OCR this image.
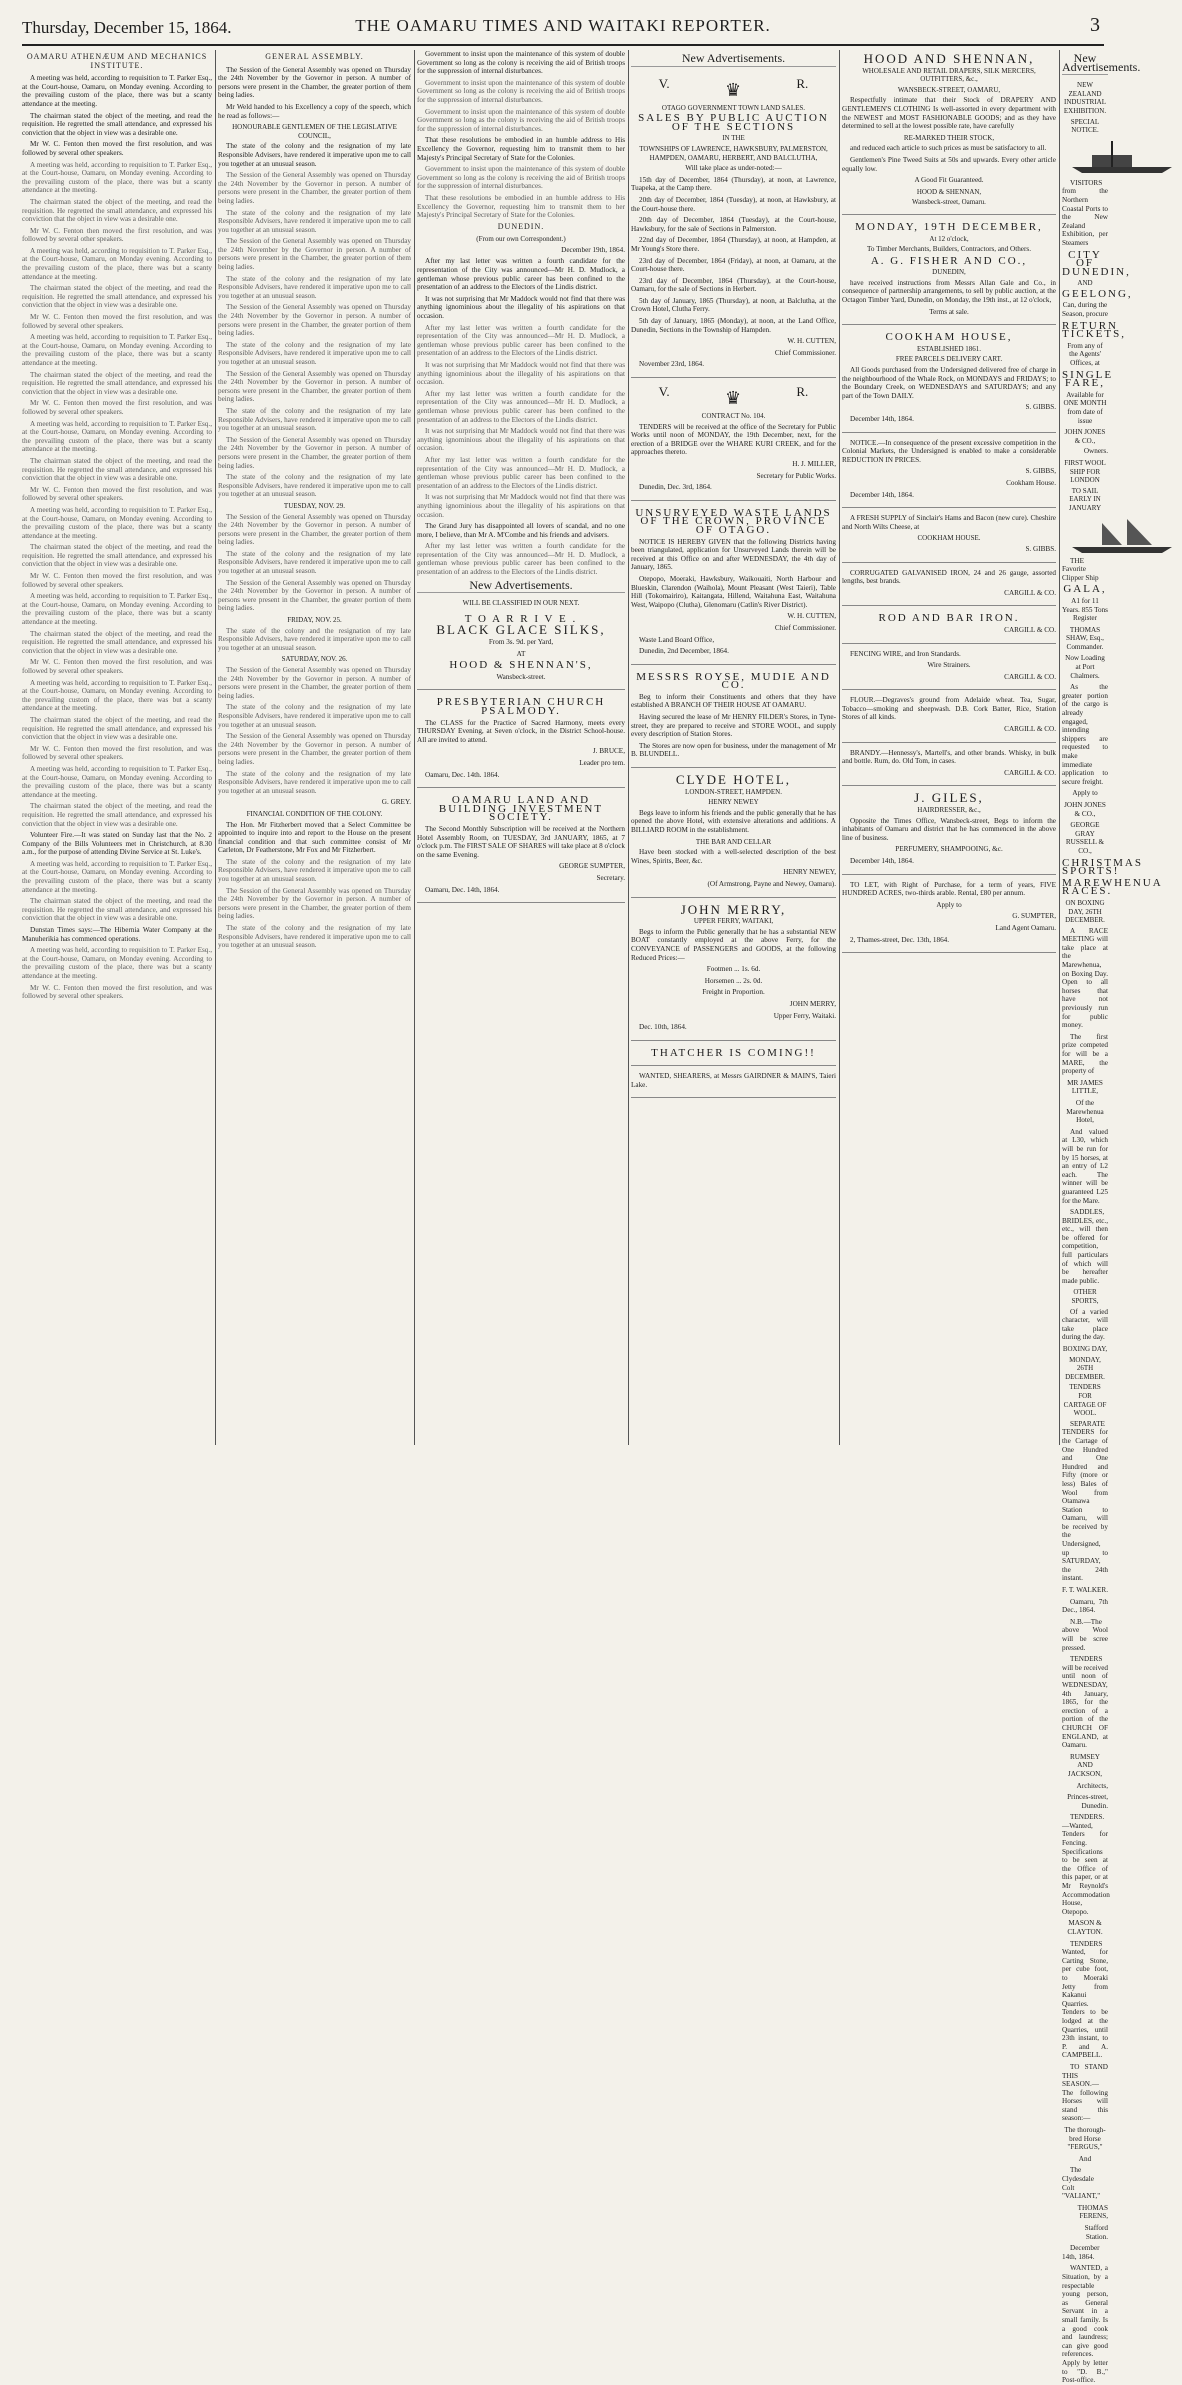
Thursday, December 15, 1864.	THE OAMARU TIMES AND WAITAKI REPORTER.	3
OAMARU ATHENÆUM AND MECHANICS INSTITUTE.

A meeting was held, according to requisition to T. Parker Esq., at the Court-house, Oamaru, on Monday evening. According to the prevailing custom of the place, there was but a scanty attendance at the meeting.

The chairman stated the object of the meeting, and read the requisition. He regretted the small attendance, and expressed his conviction that the object in view was a desirable one.

Mr W. C. Fenton then moved the first resolution, and was followed by several other speakers.

A meeting was held, according to requisition to T. Parker Esq., at the Court-house, Oamaru, on Monday evening. According to the prevailing custom of the place, there was but a scanty attendance at the meeting.

The chairman stated the object of the meeting, and read the requisition. He regretted the small attendance, and expressed his conviction that the object in view was a desirable one.

Mr W. C. Fenton then moved the first resolution, and was followed by several other speakers.

A meeting was held, according to requisition to T. Parker Esq., at the Court-house, Oamaru, on Monday evening. According to the prevailing custom of the place, there was but a scanty attendance at the meeting.

The chairman stated the object of the meeting, and read the requisition. He regretted the small attendance, and expressed his conviction that the object in view was a desirable one.

Mr W. C. Fenton then moved the first resolution, and was followed by several other speakers.

A meeting was held, according to requisition to T. Parker Esq., at the Court-house, Oamaru, on Monday evening. According to the prevailing custom of the place, there was but a scanty attendance at the meeting.

The chairman stated the object of the meeting, and read the requisition. He regretted the small attendance, and expressed his conviction that the object in view was a desirable one.

Mr W. C. Fenton then moved the first resolution, and was followed by several other speakers.

A meeting was held, according to requisition to T. Parker Esq., at the Court-house, Oamaru, on Monday evening. According to the prevailing custom of the place, there was but a scanty attendance at the meeting.

The chairman stated the object of the meeting, and read the requisition. He regretted the small attendance, and expressed his conviction that the object in view was a desirable one.

Mr W. C. Fenton then moved the first resolution, and was followed by several other speakers.

A meeting was held, according to requisition to T. Parker Esq., at the Court-house, Oamaru, on Monday evening. According to the prevailing custom of the place, there was but a scanty attendance at the meeting.

The chairman stated the object of the meeting, and read the requisition. He regretted the small attendance, and expressed his conviction that the object in view was a desirable one.

Mr W. C. Fenton then moved the first resolution, and was followed by several other speakers.

A meeting was held, according to requisition to T. Parker Esq., at the Court-house, Oamaru, on Monday evening. According to the prevailing custom of the place, there was but a scanty attendance at the meeting.

The chairman stated the object of the meeting, and read the requisition. He regretted the small attendance, and expressed his conviction that the object in view was a desirable one.

Mr W. C. Fenton then moved the first resolution, and was followed by several other speakers.

A meeting was held, according to requisition to T. Parker Esq., at the Court-house, Oamaru, on Monday evening. According to the prevailing custom of the place, there was but a scanty attendance at the meeting.

The chairman stated the object of the meeting, and read the requisition. He regretted the small attendance, and expressed his conviction that the object in view was a desirable one.

Mr W. C. Fenton then moved the first resolution, and was followed by several other speakers.

A meeting was held, according to requisition to T. Parker Esq., at the Court-house, Oamaru, on Monday evening. According to the prevailing custom of the place, there was but a scanty attendance at the meeting.

The chairman stated the object of the meeting, and read the requisition. He regretted the small attendance, and expressed his conviction that the object in view was a desirable one.

Volunteer Fire.—It was stated on Sunday last that the No. 2 Company of the Bills Volunteers met in Christchurch, at 8.30 a.m., for the purpose of attending Divine Service at St. Luke's.

A meeting was held, according to requisition to T. Parker Esq., at the Court-house, Oamaru, on Monday evening. According to the prevailing custom of the place, there was but a scanty attendance at the meeting.

The chairman stated the object of the meeting, and read the requisition. He regretted the small attendance, and expressed his conviction that the object in view was a desirable one.

Dunstan Times says:—The Hibernia Water Company at the Manuherikia has commenced operations.

A meeting was held, according to requisition to T. Parker Esq., at the Court-house, Oamaru, on Monday evening. According to the prevailing custom of the place, there was but a scanty attendance at the meeting.

Mr W. C. Fenton then moved the first resolution, and was followed by several other speakers.

GENERAL ASSEMBLY.

The Session of the General Assembly was opened on Thursday the 24th November by the Governor in person. A number of persons were present in the Chamber, the greater portion of them being ladies.

Mr Weld handed to his Excellency a copy of the speech, which he read as follows:—

HONOURABLE GENTLEMEN OF THE LEGISLATIVE COUNCIL,

The state of the colony and the resignation of my late Responsible Advisers, have rendered it imperative upon me to call you together at an unusual season.

The Session of the General Assembly was opened on Thursday the 24th November by the Governor in person. A number of persons were present in the Chamber, the greater portion of them being ladies.

The state of the colony and the resignation of my late Responsible Advisers, have rendered it imperative upon me to call you together at an unusual season.

The Session of the General Assembly was opened on Thursday the 24th November by the Governor in person. A number of persons were present in the Chamber, the greater portion of them being ladies.

The state of the colony and the resignation of my late Responsible Advisers, have rendered it imperative upon me to call you together at an unusual season.

The Session of the General Assembly was opened on Thursday the 24th November by the Governor in person. A number of persons were present in the Chamber, the greater portion of them being ladies.

The state of the colony and the resignation of my late Responsible Advisers, have rendered it imperative upon me to call you together at an unusual season.

The Session of the General Assembly was opened on Thursday the 24th November by the Governor in person. A number of persons were present in the Chamber, the greater portion of them being ladies.

The state of the colony and the resignation of my late Responsible Advisers, have rendered it imperative upon me to call you together at an unusual season.

The Session of the General Assembly was opened on Thursday the 24th November by the Governor in person. A number of persons were present in the Chamber, the greater portion of them being ladies.

The state of the colony and the resignation of my late Responsible Advisers, have rendered it imperative upon me to call you together at an unusual season.

TUESDAY, NOV. 29.

The Session of the General Assembly was opened on Thursday the 24th November by the Governor in person. A number of persons were present in the Chamber, the greater portion of them being ladies.

The state of the colony and the resignation of my late Responsible Advisers, have rendered it imperative upon me to call you together at an unusual season.

The Session of the General Assembly was opened on Thursday the 24th November by the Governor in person. A number of persons were present in the Chamber, the greater portion of them being ladies.

FRIDAY, NOV. 25.

The state of the colony and the resignation of my late Responsible Advisers, have rendered it imperative upon me to call you together at an unusual season.

SATURDAY, NOV. 26.

The Session of the General Assembly was opened on Thursday the 24th November by the Governor in person. A number of persons were present in the Chamber, the greater portion of them being ladies.

The state of the colony and the resignation of my late Responsible Advisers, have rendered it imperative upon me to call you together at an unusual season.

The Session of the General Assembly was opened on Thursday the 24th November by the Governor in person. A number of persons were present in the Chamber, the greater portion of them being ladies.

The state of the colony and the resignation of my late Responsible Advisers, have rendered it imperative upon me to call you together at an unusual season.

G. GREY.

FINANCIAL CONDITION OF THE COLONY.

The Hon. Mr Fitzherbert moved that a Select Committee be appointed to inquire into and report to the House on the present financial condition and that such committee consist of Mr Carleton, Dr Featherstone, Mr Fox and Mr Fitzherbert.

The state of the colony and the resignation of my late Responsible Advisers, have rendered it imperative upon me to call you together at an unusual season.

The Session of the General Assembly was opened on Thursday the 24th November by the Governor in person. A number of persons were present in the Chamber, the greater portion of them being ladies.

The state of the colony and the resignation of my late Responsible Advisers, have rendered it imperative upon me to call you together at an unusual season.

Government to insist upon the maintenance of this system of double Government so long as the colony is receiving the aid of British troops for the suppression of internal disturbances.

Government to insist upon the maintenance of this system of double Government so long as the colony is receiving the aid of British troops for the suppression of internal disturbances.

Government to insist upon the maintenance of this system of double Government so long as the colony is receiving the aid of British troops for the suppression of internal disturbances.

That these resolutions be embodied in an humble address to His Excellency the Governor, requesting him to transmit them to her Majesty's Principal Secretary of State for the Colonies.

Government to insist upon the maintenance of this system of double Government so long as the colony is receiving the aid of British troops for the suppression of internal disturbances.

That these resolutions be embodied in an humble address to His Excellency the Governor, requesting him to transmit them to her Majesty's Principal Secretary of State for the Colonies.

DUNEDIN.
(From our own Correspondent.)

December 19th, 1864.

After my last letter was written a fourth candidate for the representation of the City was announced—Mr H. D. Mudlock, a gentleman whose previous public career has been confined to the presentation of an address to the Electors of the Lindis district.

It was not surprising that Mr Maddock would not find that there was anything ignominious about the illegality of his aspirations on that occasion.

After my last letter was written a fourth candidate for the representation of the City was announced—Mr H. D. Mudlock, a gentleman whose previous public career has been confined to the presentation of an address to the Electors of the Lindis district.

It was not surprising that Mr Maddock would not find that there was anything ignominious about the illegality of his aspirations on that occasion.

After my last letter was written a fourth candidate for the representation of the City was announced—Mr H. D. Mudlock, a gentleman whose previous public career has been confined to the presentation of an address to the Electors of the Lindis district.

It was not surprising that Mr Maddock would not find that there was anything ignominious about the illegality of his aspirations on that occasion.

After my last letter was written a fourth candidate for the representation of the City was announced—Mr H. D. Mudlock, a gentleman whose previous public career has been confined to the presentation of an address to the Electors of the Lindis district.

It was not surprising that Mr Maddock would not find that there was anything ignominious about the illegality of his aspirations on that occasion.

The Grand Jury has disappointed all lovers of scandal, and no one more, I believe, than Mr A. M'Combe and his friends and advisers.

After my last letter was written a fourth candidate for the representation of the City was announced—Mr H. D. Mudlock, a gentleman whose previous public career has been confined to the presentation of an address to the Electors of the Lindis district.

New Advertisements.
WILL BE CLASSIFIED IN OUR NEXT.
T O A R R I V E .
BLACK GLACE SILKS,

From 3s. 9d. per Yard,

AT

HOOD & SHENNAN'S,

Wansbeck-street.

PRESBYTERIAN CHURCH PSALMODY.

The CLASS for the Practice of Sacred Harmony, meets every THURSDAY Evening, at Seven o'clock, in the District School-house. All are invited to attend.

J. BRUCE,

Leader pro tem.

Oamaru, Dec. 14th. 1864.

OAMARU LAND AND BUILDING INVESTMENT SOCIETY.

The Second Monthly Subscription will be received at the Northern Hotel Assembly Room, on TUESDAY, 3rd JANUARY, 1865, at 7 o'clock p.m. The FIRST SALE OF SHARES will take place at 8 o'clock on the same Evening.

GEORGE SUMPTER,

Secretary.

Oamaru, Dec. 14th, 1864.

New Advertisements.
V.	♛	R.
OTAGO GOVERNMENT TOWN LAND SALES.
SALES BY PUBLIC AUCTION OF THE SECTIONS
IN THE
TOWNSHIPS OF LAWRENCE, HAWKSBURY, PALMERSTON, HAMPDEN, OAMARU, HERBERT, AND BALCLUTHA,

Will take place as under-noted:—

15th day of December, 1864 (Thursday), at noon, at Lawrence, Tuapeka, at the Camp there.

20th day of December, 1864 (Tuesday), at noon, at Hawksbury, at the Court-house there.

20th day of December, 1864 (Tuesday), at the Court-house, Hawksbury, for the sale of Sections in Palmerston.

22nd day of December, 1864 (Thursday), at noon, at Hampden, at Mr Young's Store there.

23rd day of December, 1864 (Friday), at noon, at Oamaru, at the Court-house there.

23rd day of December, 1864 (Thursday), at the Court-house, Oamaru, for the sale of Sections in Herbert.

5th day of January, 1865 (Thursday), at noon, at Balclutha, at the Crown Hotel, Clutha Ferry.

5th day of January, 1865 (Monday), at noon, at the Land Office, Dunedin, Sections in the Township of Hampden.

W. H. CUTTEN,

Chief Commissioner.

November 23rd, 1864.

V.	♛	R.
CONTRACT No. 104.

TENDERS will be received at the office of the Secretary for Public Works until noon of MONDAY, the 19th December, next, for the erection of a BRIDGE over the WHARE KURI CREEK, and for the approaches thereto.

H. J. MILLER,

Secretary for Public Works.

Dunedin, Dec. 3rd, 1864.

UNSURVEYED WASTE LANDS OF THE CROWN, PROVINCE OF OTAGO.

NOTICE IS HEREBY GIVEN that the following Districts having been triangulated, application for Unsurveyed Lands therein will be received at this Office on and after WEDNESDAY, the 4th day of January, 1865.

Otepopo, Moeraki, Hawksbury, Waikouaiti, North Harbour and Blueskin, Clarendon (Waihola), Mount Pleasant (West Taieri), Table Hill (Tokomairiro), Kaitangata, Hillend, Waitahuna East, Waitahuna West, Waipopo (Clutha), Glenomaru (Catlin's River District).

W. H. CUTTEN,

Chief Commissioner.

Waste Land Board Office,

Dunedin, 2nd December, 1864.

MESSRS ROYSE, MUDIE AND CO.

Beg to inform their Constituents and others that they have established A BRANCH OF THEIR HOUSE AT OAMARU.

Having secured the lease of Mr HENRY FILDER's Stores, in Tyne-street, they are prepared to receive and STORE WOOL, and supply every description of Station Stores.

The Stores are now open for business, under the management of Mr B. BLUNDELL.

CLYDE HOTEL,
LONDON-STREET, HAMPDEN.
HENRY NEWEY

Begs leave to inform his friends and the public generally that he has opened the above Hotel, with extensive alterations and additions. A BILLIARD ROOM in the establishment.

THE BAR AND CELLAR

Have been stocked with a well-selected description of the best Wines, Spirits, Beer, &c.

HENRY NEWEY,

(Of Armstrong, Payne and Newey, Oamaru).

JOHN MERRY,
UPPER FERRY, WAITAKI,

Begs to inform the Public generally that he has a substantial NEW BOAT constantly employed at the above Ferry, for the CONVEYANCE of PASSENGERS and GOODS, at the following Reduced Prices:—

Footmen ... 1s. 6d.

Horsemen ... 2s. 0d.

Freight in Proportion.

JOHN MERRY,

Upper Ferry, Waitaki.

Dec. 10th, 1864.

THATCHER IS COMING!!

WANTED, SHEARERS, at Messrs GAIRDNER & MAIN'S, Taieri Lake.

HOOD AND SHENNAN,
WHOLESALE AND RETAIL DRAPERS, SILK MERCERS, OUTFITTERS, &c.,
WANSBECK-STREET, OAMARU,

Respectfully intimate that their Stock of DRAPERY AND GENTLEMEN'S CLOTHING Is well-assorted in every department with the NEWEST and MOST FASHIONABLE GOODS; and as they have determined to sell at the lowest possible rate, have carefully

RE-MARKED THEIR STOCK,

and reduced each article to such prices as must be satisfactory to all.

Gentlemen's Pine Tweed Suits at 50s and upwards. Every other article equally low.

A Good Fit Guaranteed.

HOOD & SHENNAN,
Wansbeck-street, Oamaru.
MONDAY, 19TH DECEMBER,
At 12 o'clock,

To Timber Merchants, Builders, Contractors, and Others.

A. G. FISHER AND CO.,
DUNEDIN,

have received instructions from Messrs Allan Gale and Co., in consequence of partnership arrangements, to sell by public auction, at the Octagon Timber Yard, Dunedin, on Monday, the 19th inst., at 12 o'clock,

Terms at sale.

COOKHAM HOUSE,
ESTABLISHED 1861.
FREE PARCELS DELIVERY CART.

All Goods purchased from the Undersigned delivered free of charge in the neighbourhood of the Whale Rock, on MONDAYS and FRIDAYS; to the Boundary Creek, on WEDNESDAYS and SATURDAYS; and any part of the Town DAILY.

S. GIBBS.

December 14th, 1864.

NOTICE.—In consequence of the present excessive competition in the Colonial Markets, the Undersigned is enabled to make a considerable REDUCTION IN PRICES.

S. GIBBS,

Cookham House.

December 14th, 1864.

A FRESH SUPPLY of Sinclair's Hams and Bacon (new cure). Cheshire and North Wilts Cheese, at

COOKHAM HOUSE.

S. GIBBS.

CORRUGATED GALVANISED IRON, 24 and 26 gauge, assorted lengths, best brands.

CARGILL & CO.

ROD AND BAR IRON.

CARGILL & CO.

FENCING WIRE, and Iron Standards.

Wire Strainers.

CARGILL & CO.

FLOUR.—Degraves's ground from Adelaide wheat. Tea, Sugar, Tobacco—smoking and sheepwash. D.B. Cork Batter, Rice, Station Stores of all kinds.

CARGILL & CO.

BRANDY.—Hennessy's, Martell's, and other brands. Whisky, in bulk and bottle. Rum, do. Old Tom, in cases.

CARGILL & CO.

J. GILES,
HAIRDRESSER, &c.,

Opposite the Times Office, Wansbeck-street, Begs to inform the inhabitants of Oamaru and district that he has commenced in the above line of business.

PERFUMERY, SHAMPOOING, &c.

December 14th, 1864.

TO LET, with Right of Purchase, for a term of years, FIVE HUNDRED ACRES, two-thirds arable. Rental, £80 per annum.

Apply to

G. SUMPTER,

Land Agent Oamaru.

2, Thames-street, Dec. 13th, 1864.

New Advertisements.
NEW ZEALAND INDUSTRIAL EXHIBITION.
SPECIAL NOTICE.

VISITORS from the Northern Coastal Ports to the New Zealand Exhibition, per Steamers

CITY OF DUNEDIN,
AND
GEELONG,

Can, during the Season, procure

RETURN TICKETS,

From any of the Agents' Offices, at

SINGLE FARE,

Available for ONE MONTH from date of issue

JOHN JONES & CO.,

Owners.

FIRST WOOL SHIP FOR LONDON
TO SAIL EARLY IN JANUARY

THE Favorite Clipper Ship

GALA,

A1 for 11 Years. 855 Tons Register

THOMAS SHAW, Esq., Commander.

Now Loading at Port Chalmers.

As the greater portion of the cargo is already engaged, intending shippers are requested to make immediate application to secure freight.

Apply to

JOHN JONES & CO.,

GEORGE GRAY RUSSELL & CO.,

CHRISTMAS SPORTS!
MAREWHENUA RACES.
ON BOXING DAY, 26TH DECEMBER.

A RACE MEETING will take place at the Marewhenua, on Boxing Day. Open to all horses that have not previously run for public money.

The first prize competed for will be a MARE, the property of

MR JAMES LITTLE,

Of the Marewhenua Hotel,

And valued at L30, which will be run for by 15 horses, at an entry of L2 each. The winner will be guaranteed L25 for the Mare.

SADDLES, BRIDLES, etc., etc., will then be offered for competition, full particulars of which will be hereafter made public.

OTHER SPORTS,

Of a varied character, will take place during the day.

BOXING DAY,
MONDAY, 26TH DECEMBER.
TENDERS FOR CARTAGE OF WOOL.

SEPARATE TENDERS for the Cartage of One Hundred and One Hundred and Fifty (more or less) Bales of Wool from Otamawa Station to Oamaru, will be received by the Undersigned, up to SATURDAY, the 24th instant.

F. T. WALKER.

Oamaru, 7th Dec., 1864.

N.B.—The above Wool will be scree pressed.

TENDERS will be received until noon of WEDNESDAY, 4th January, 1865, for the erection of a portion of the CHURCH OF ENGLAND, at Oamaru.

RUMSEY AND JACKSON,

Architects,

Princes-street, Dunedin.

TENDERS.—Wanted, Tenders for Fencing. Specifications to be seen at the Office of this paper, or at Mr Reynold's Accommodation House, Otepopo.

MASON & CLAYTON.

TENDERS Wanted, for Carting Stone, per cube foot, to Moeraki Jetty from Kakanui Quarries. Tenders to be lodged at the Quarries, until 23th instant, to P. and A. CAMPBELL.

TO STAND THIS SEASON.—The following Horses will stand this season:—

The thorough-bred Horse "FERGUS,"

And

The Clydesdale Colt "VALIANT,"

THOMAS FERENS,

Stafford Station.

December 14th, 1864.

WANTED, a Situation, by a respectable young person, as General Servant in a small family. Is a good cook and laundress; can give good references. Apply by letter to "D. B.," Post-office.
